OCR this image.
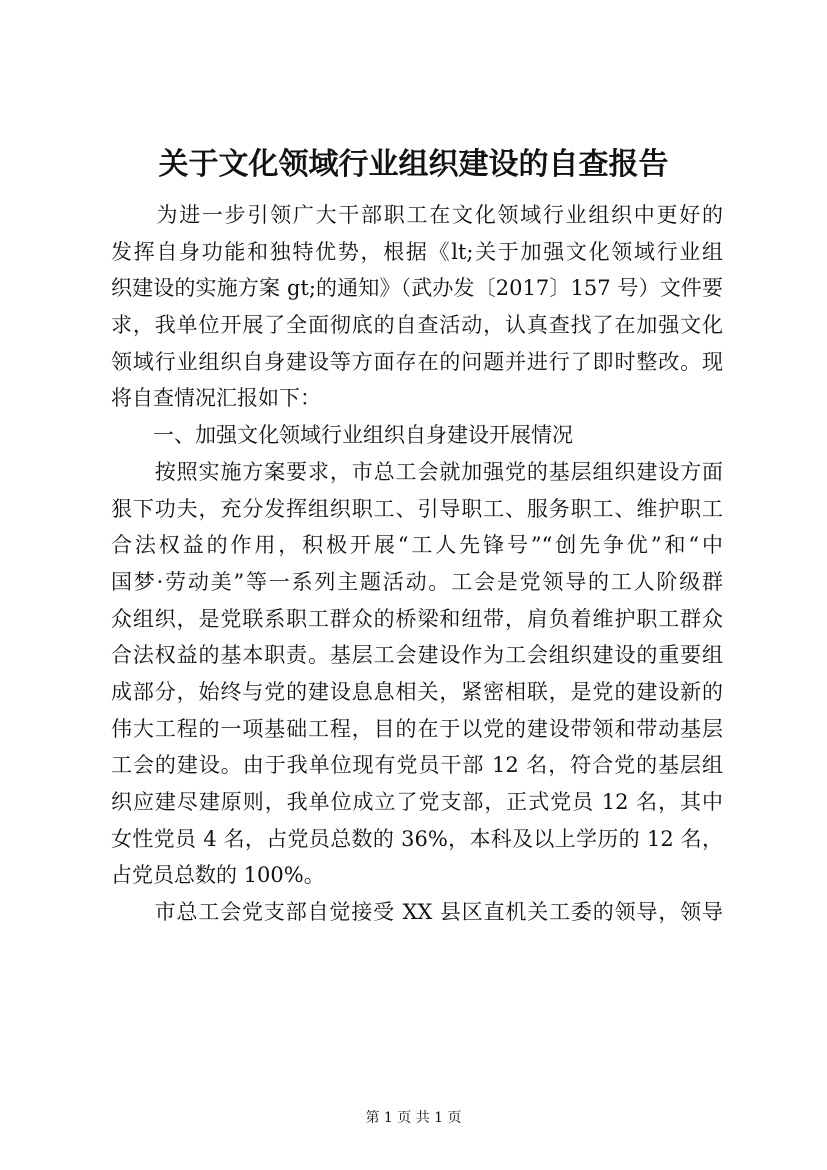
关于文化领域行业组织建设的自查报告
　　为进一步引领广大干部职工在文化领域行业组织中更好的
发挥自身功能和独特优势，根据《lt;关于加强文化领域行业组
织建设的实施方案 gt;的通知》（武办发〔2017〕157 号）文件要
求，我单位开展了全面彻底的自查活动，认真查找了在加强文化
领域行业组织自身建设等方面存在的问题并进行了即时整改。现
将自查情况汇报如下：
　　一、加强文化领域行业组织自身建设开展情况
　　按照实施方案要求，市总工会就加强党的基层组织建设方面
狠下功夫，充分发挥组织职工、引导职工、服务职工、维护职工
合法权益的作用，积极开展“工人先锋号”“创先争优”和“中
国梦·劳动美”等一系列主题活动。工会是党领导的工人阶级群
众组织，是党联系职工群众的桥梁和纽带，肩负着维护职工群众
合法权益的基本职责。基层工会建设作为工会组织建设的重要组
成部分，始终与党的建设息息相关，紧密相联，是党的建设新的
伟大工程的一项基础工程，目的在于以党的建设带领和带动基层
工会的建设。由于我单位现有党员干部 12 名，符合党的基层组
织应建尽建原则，我单位成立了党支部，正式党员 12 名，其中
女性党员 4 名，占党员总数的 36%，本科及以上学历的 12 名，
占党员总数的 100%。
　　市总工会党支部自觉接受 XX 县区直机关工委的领导，领导
第 1 页 共 1 页
